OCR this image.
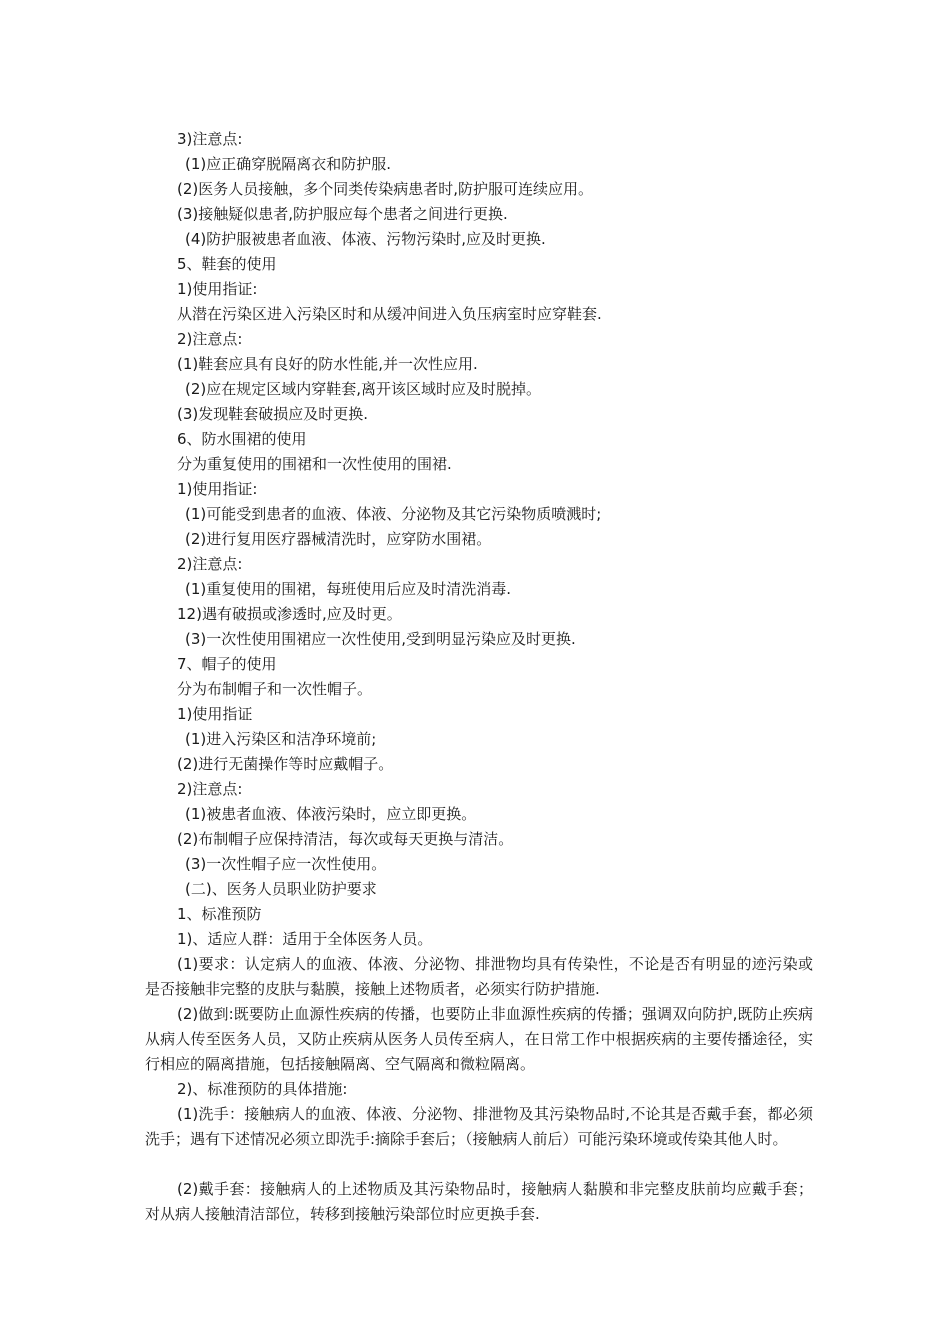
3)注意点:
(1)应正确穿脱隔离衣和防护服.
(2)医务人员接触，多个同类传染病患者时,防护服可连续应用。
(3)接触疑似患者,防护服应每个患者之间进行更换.
(4)防护服被患者血液、体液、污物污染时,应及时更换.
5、鞋套的使用
1)使用指证:
从潜在污染区进入污染区时和从缓冲间进入负压病室时应穿鞋套.
2)注意点:
(1)鞋套应具有良好的防水性能,并一次性应用.
(2)应在规定区域内穿鞋套,离开该区域时应及时脱掉。
(3)发现鞋套破损应及时更换.
6、防水围裙的使用
分为重复使用的围裙和一次性使用的围裙.
1)使用指证:
(1)可能受到患者的血液、体液、分泌物及其它污染物质喷溅时;
(2)进行复用医疗器械清洗时，应穿防水围裙。
2)注意点:
(1)重复使用的围裙，每班使用后应及时清洗消毒.
12)遇有破损或渗透时,应及时更。
(3)一次性使用围裙应一次性使用,受到明显污染应及时更换.
7、帽子的使用
分为布制帽子和一次性帽子。
1)使用指证
(1)进入污染区和洁净环境前;
(2)进行无菌操作等时应戴帽子。
2)注意点:
(1)被患者血液、体液污染时，应立即更换。
(2)布制帽子应保持清洁，每次或每天更换与清洁。
(3)一次性帽子应一次性使用。
(二)、医务人员职业防护要求
1、标准预防
1)、适应人群：适用于全体医务人员。
(1)要求：认定病人的血液、体液、分泌物、排泄物均具有传染性，不论是否有明显的迹污染或是否接触非完整的皮肤与黏膜，接触上述物质者，必须实行防护措施.
(2)做到:既要防止血源性疾病的传播，也要防止非血源性疾病的传播；强调双向防护,既防止疾病从病人传至医务人员，又防止疾病从医务人员传至病人，在日常工作中根据疾病的主要传播途径，实行相应的隔离措施，包括接触隔离、空气隔离和微粒隔离。
2)、标准预防的具体措施:
(1)洗手：接触病人的血液、体液、分泌物、排泄物及其污染物品时,不论其是否戴手套，都必须洗手；遇有下述情况必须立即洗手:摘除手套后；（接触病人前后）可能污染环境或传染其他人时。
(2)戴手套：接触病人的上述物质及其污染物品时，接触病人黏膜和非完整皮肤前均应戴手套；对从病人接触清洁部位，转移到接触污染部位时应更换手套.
